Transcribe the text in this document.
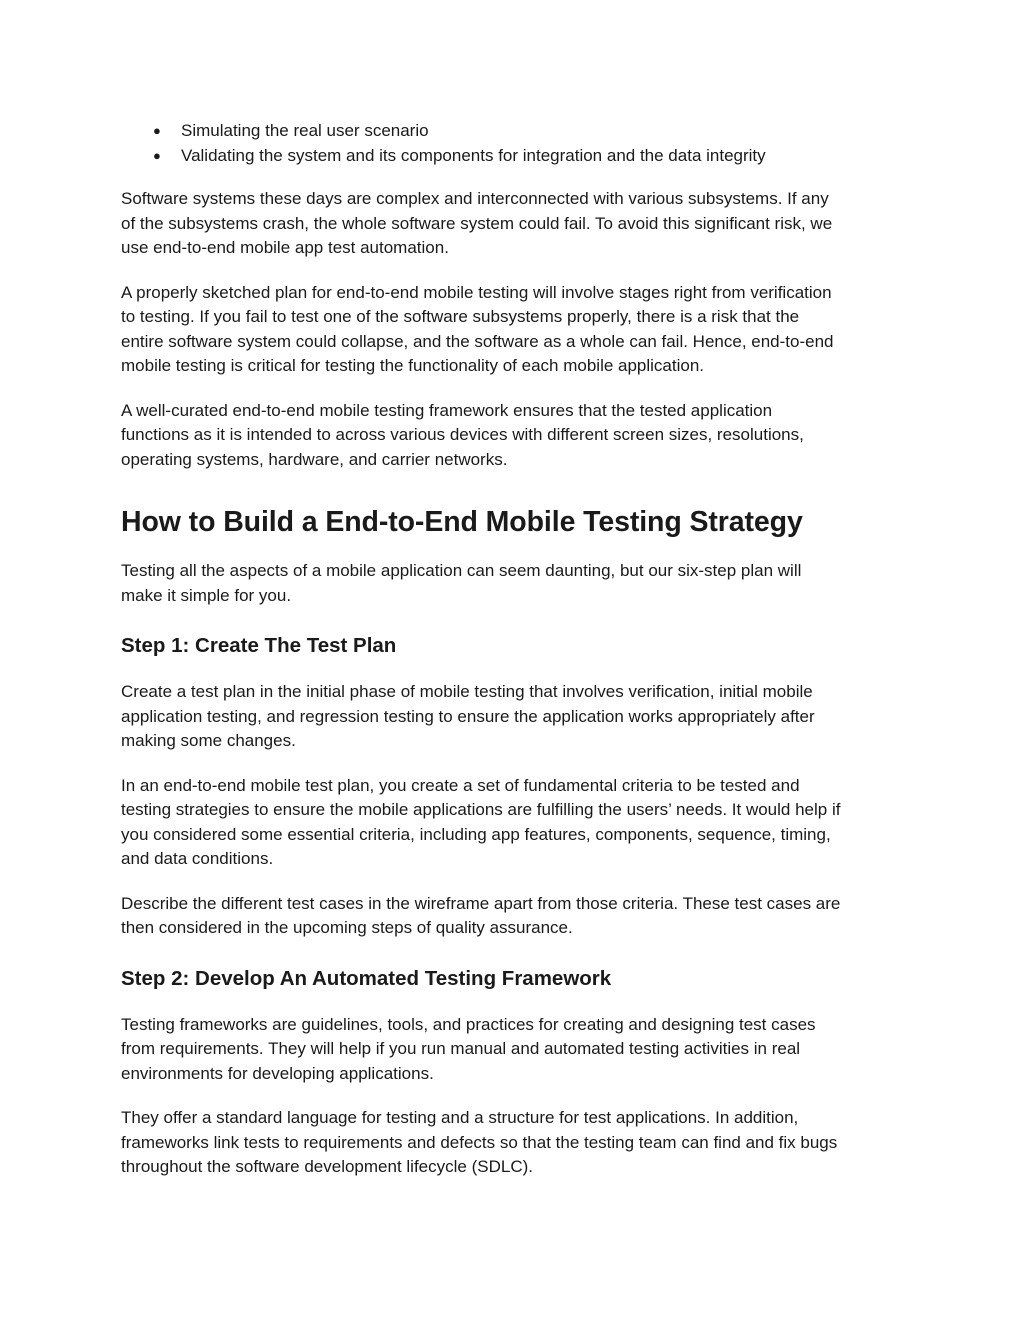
● Simulating the real user scenario
● Validating the system and its components for integration and the data integrity

Software systems these days are complex and interconnected with various subsystems. If any
of the subsystems crash, the whole software system could fail. To avoid this significant risk, we
use end-to-end mobile app test automation.

A properly sketched plan for end-to-end mobile testing will involve stages right from verification
to testing. If you fail to test one of the software subsystems properly, there is a risk that the
entire software system could collapse, and the software as a whole can fail. Hence, end-to-end
mobile testing is critical for testing the functionality of each mobile application.

A well-curated end-to-end mobile testing framework ensures that the tested application
functions as it is intended to across various devices with different screen sizes, resolutions,
operating systems, hardware, and carrier networks.

How to Build a End-to-End Mobile Testing Strategy

Testing all the aspects of a mobile application can seem daunting, but our six-step plan will
make it simple for you.

Step 1: Create The Test Plan

Create a test plan in the initial phase of mobile testing that involves verification, initial mobile
application testing, and regression testing to ensure the application works appropriately after
making some changes.

In an end-to-end mobile test plan, you create a set of fundamental criteria to be tested and
testing strategies to ensure the mobile applications are fulfilling the users’ needs. It would help if
you considered some essential criteria, including app features, components, sequence, timing,
and data conditions.

Describe the different test cases in the wireframe apart from those criteria. These test cases are
then considered in the upcoming steps of quality assurance.

Step 2: Develop An Automated Testing Framework

Testing frameworks are guidelines, tools, and practices for creating and designing test cases
from requirements. They will help if you run manual and automated testing activities in real
environments for developing applications.

They offer a standard language for testing and a structure for test applications. In addition,
frameworks link tests to requirements and defects so that the testing team can find and fix bugs
throughout the software development lifecycle (SDLC).
